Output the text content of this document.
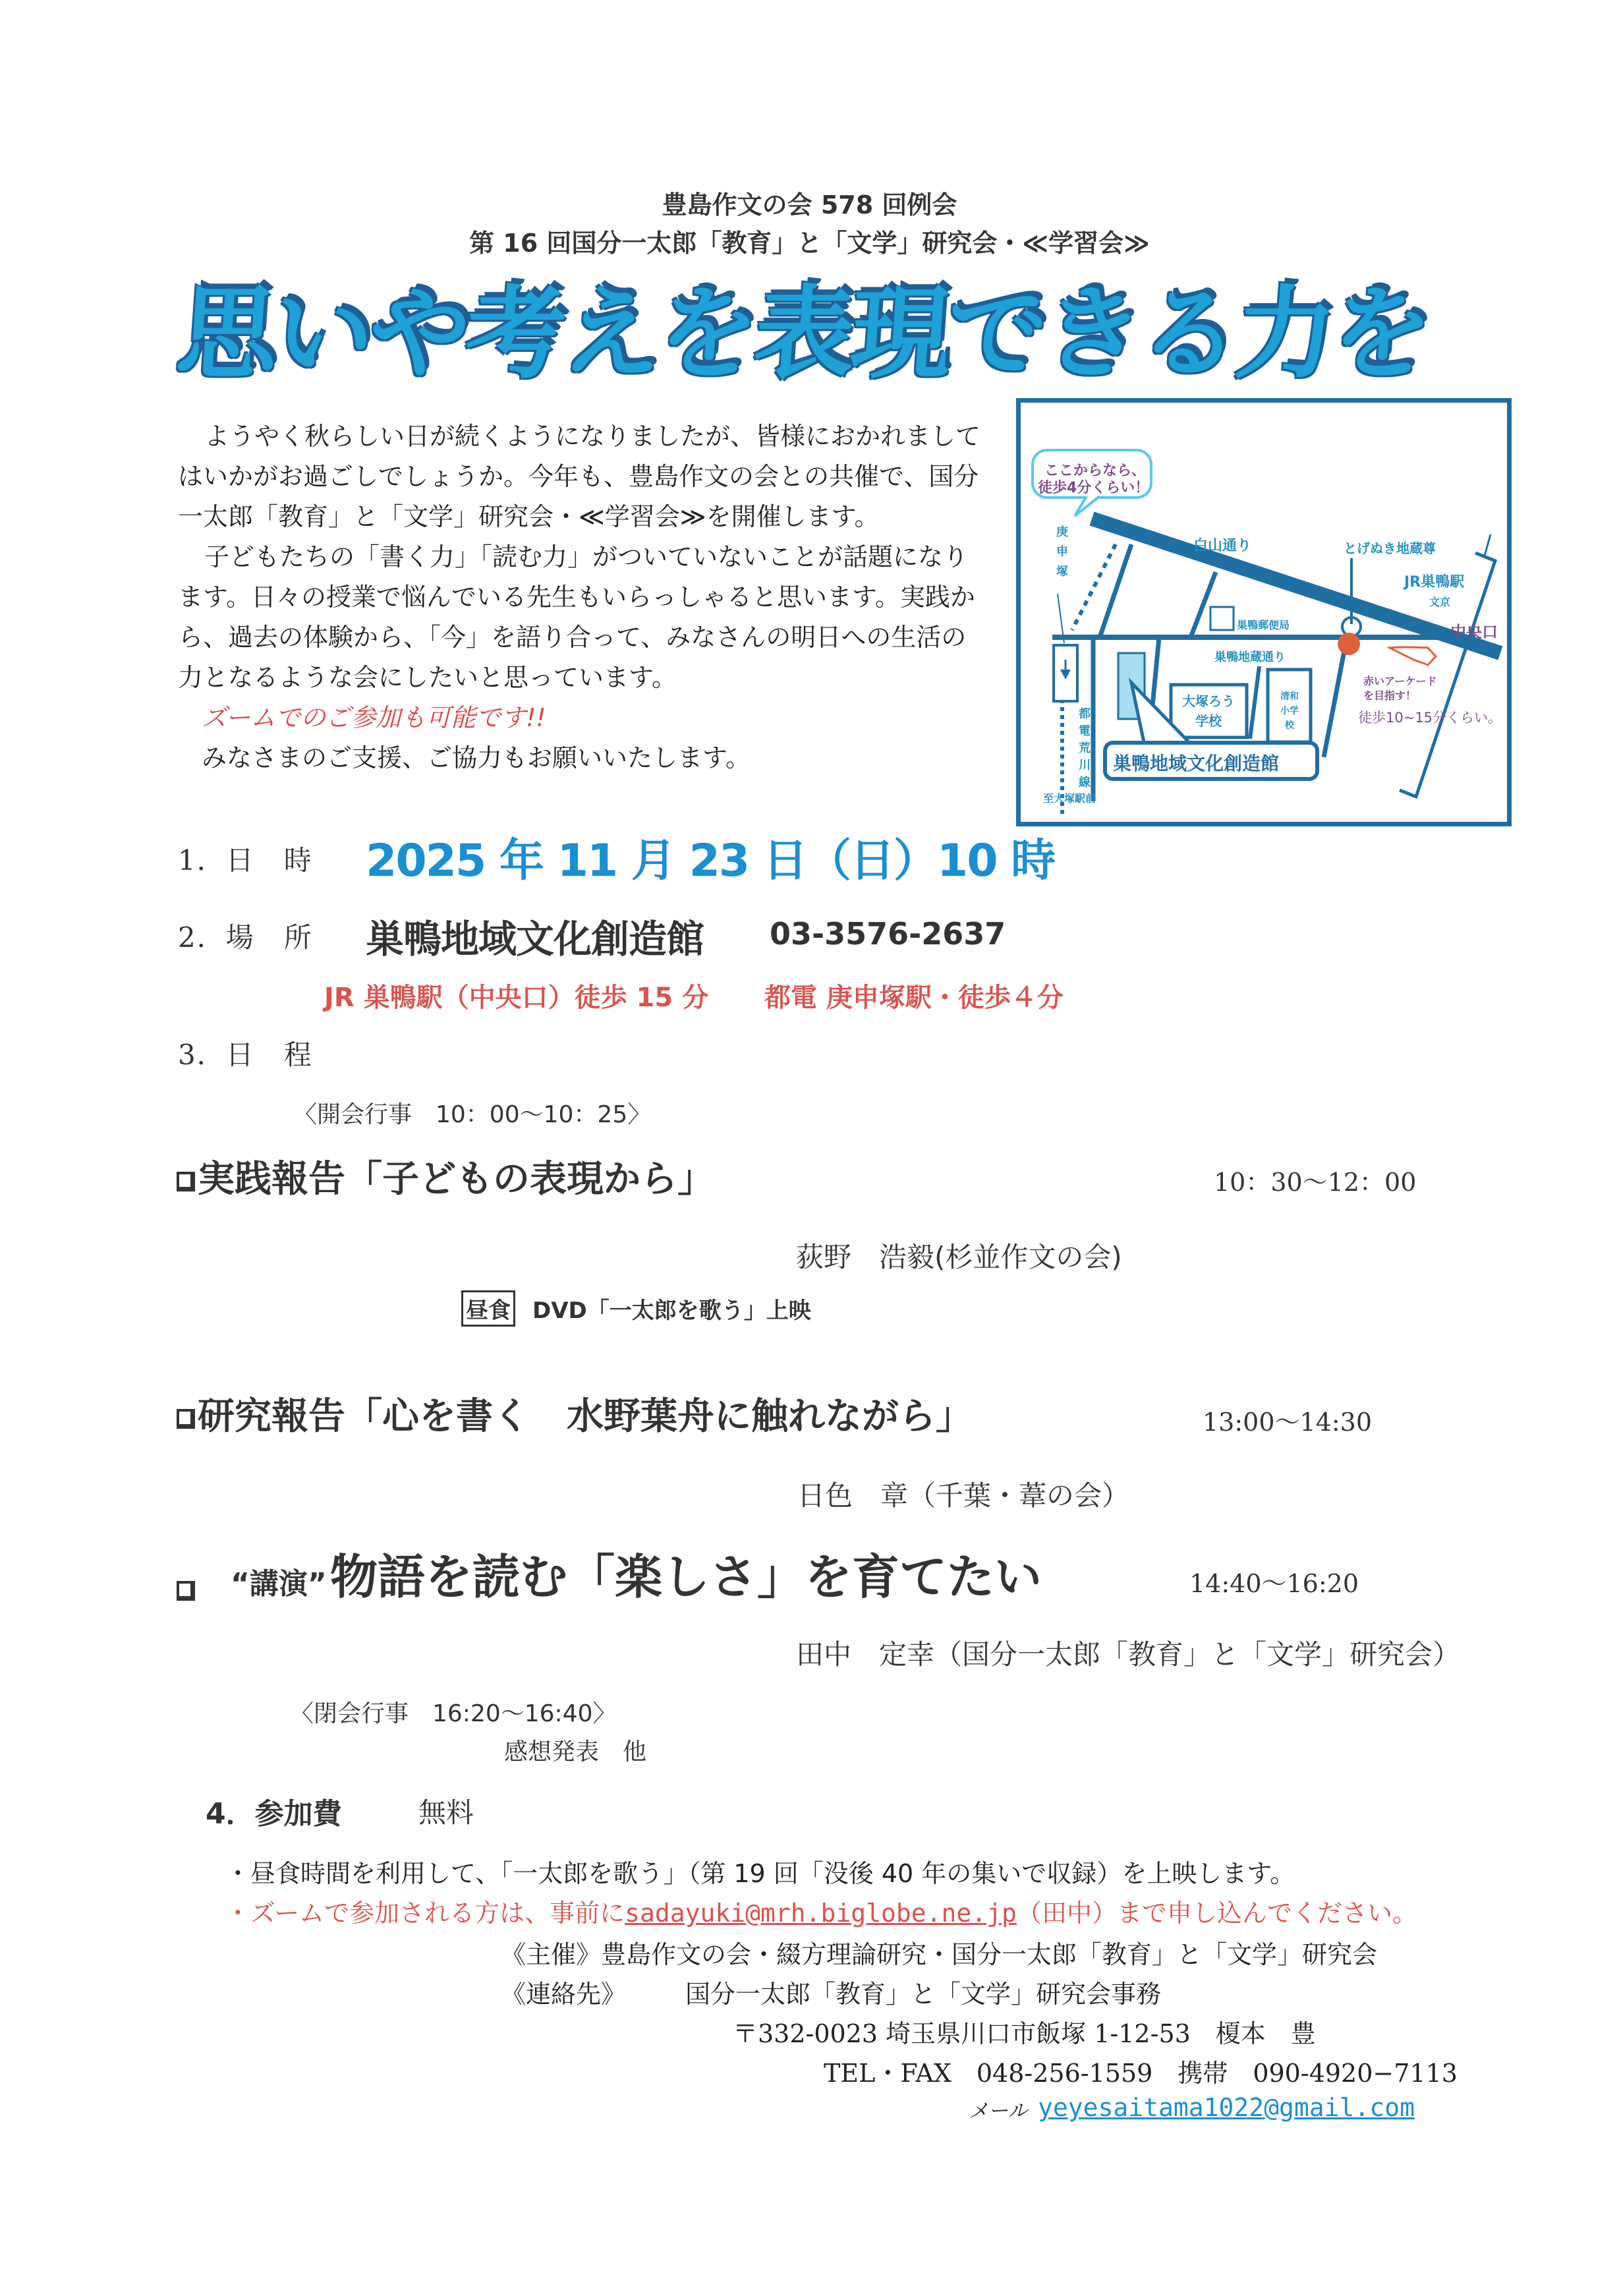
豊島作文の会 578 回例会
第 16 回国分一太郎「教育」と「文学」研究会・≪学習会≫
思いや考えを表現できる力を

ようやく秋らしい日が続くようになりましたが、皆様におかれましてはいかがお過ごしでしょうか。今年も、豊島作文の会との共催で、国分一太郎「教育」と「文学」研究会・≪学習会≫を開催します。

子どもたちの「書く力」「読む力」がついていないことが話題になります。日々の授業で悩んでいる先生もいらっしゃると思います。実践から、過去の体験から、「今」を語り合って、みなさんの明日への生活の力となるような会にしたいと思っています。

ズームでのご参加も可能です!!

みなさまのご支援、ご協力もお願いいたします。

ここからなら、
徒歩4分くらい！
庚
申
塚
白山通り	とげぬき地蔵尊
JR巣鴨駅
文京
中央口
巣鴨郵便局
巣鴨地蔵通り
大塚ろう
学校
清和
小学
校
巣鴨地域文化創造館
都
電
荒
川
線
至大塚駅前
赤いアーケード
を目指す！
徒歩10~15分くらい。
1．日　時 2025 年 11 月 23 日（日）10 時
2．場　所 巣鴨地域文化創造館 03-3576-2637
JR 巣鴨駅（中央口）徒歩 15 分 都電 庚申塚駅・徒歩４分
3．日　程
〈開会行事　10：00〜10：25〉
実践報告「子どもの表現から」	10：30〜12：00
荻野　浩毅(杉並作文の会)
昼食 DVD「一太郎を歌う」上映
研究報告「心を書く　水野葉舟に触れながら」	13:00〜14:30
日色　章（千葉・葦の会）
“講演” 物語を読む「楽しさ」を育てたい	14:40〜16:20
田中　定幸（国分一太郎「教育」と「文学」研究会）
〈閉会行事　16:20〜16:40〉
感想発表　他
4．参加費	無料
・昼食時間を利用して、「一太郎を歌う」（第 19 回「没後 40 年の集いで収録）を上映します。
・ズームで参加される方は、事前にsadayuki@mrh.biglobe.ne.jp（田中）まで申し込んでください。
《主催》豊島作文の会・綴方理論研究・国分一太郎「教育」と「文学」研究会
《連絡先》 国分一太郎「教育」と「文学」研究会事務
〒332-0023 埼玉県川口市飯塚 1-12-53　榎本　豊
TEL・FAX　048-256-1559　携帯　090-4920−7113
メール yeyesaitama1022@gmail.com
